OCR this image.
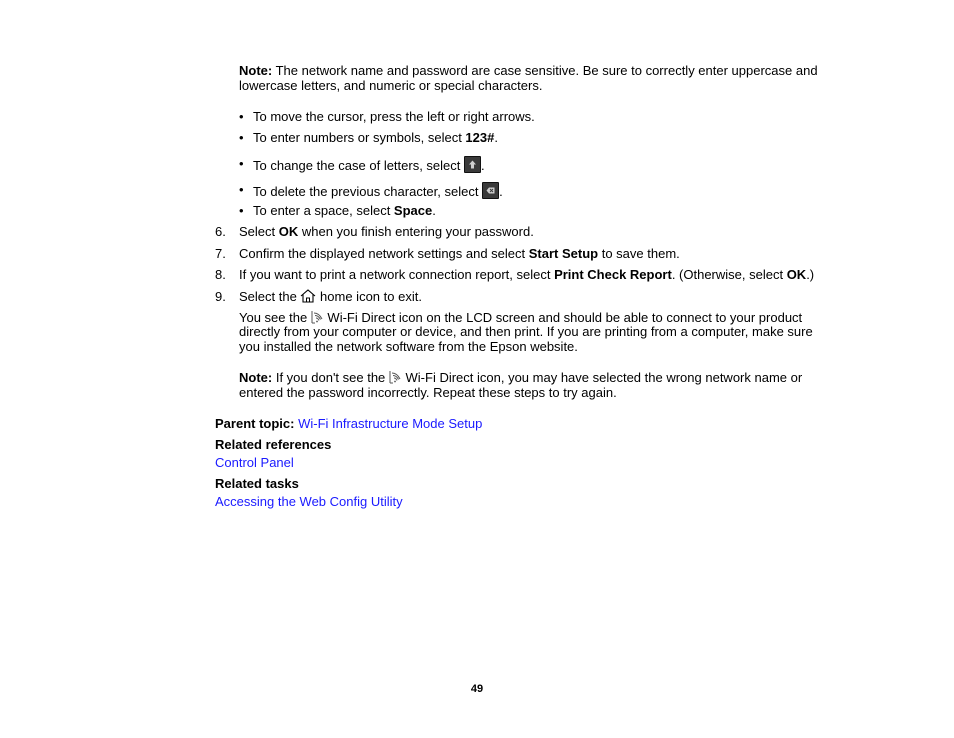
Note: The network name and password are case sensitive. Be sure to correctly enter uppercase and
lowercase letters, and numeric or special characters.
• To move the cursor, press the left or right arrows.
• To enter numbers or symbols, select 123#.
• To change the case of letters, select
.
• To delete the previous character, select
.
• To enter a space, select Space.
6. Select OK when you finish entering your password.
7. Confirm the displayed network settings and select Start Setup to save them.
8. If you want to print a network connection report, select Print Check Report. (Otherwise, select OK.)
9. Select the  home icon to exit.
You see the  Wi-Fi Direct icon on the LCD screen and should be able to connect to your product
directly from your computer or device, and then print. If you are printing from a computer, make sure
you installed the network software from the Epson website.
Note: If you don't see the  Wi-Fi Direct icon, you may have selected the wrong network name or
entered the password incorrectly. Repeat these steps to try again.
Parent topic: Wi-Fi Infrastructure Mode Setup
Related references
Control Panel
Related tasks
Accessing the Web Config Utility
49
